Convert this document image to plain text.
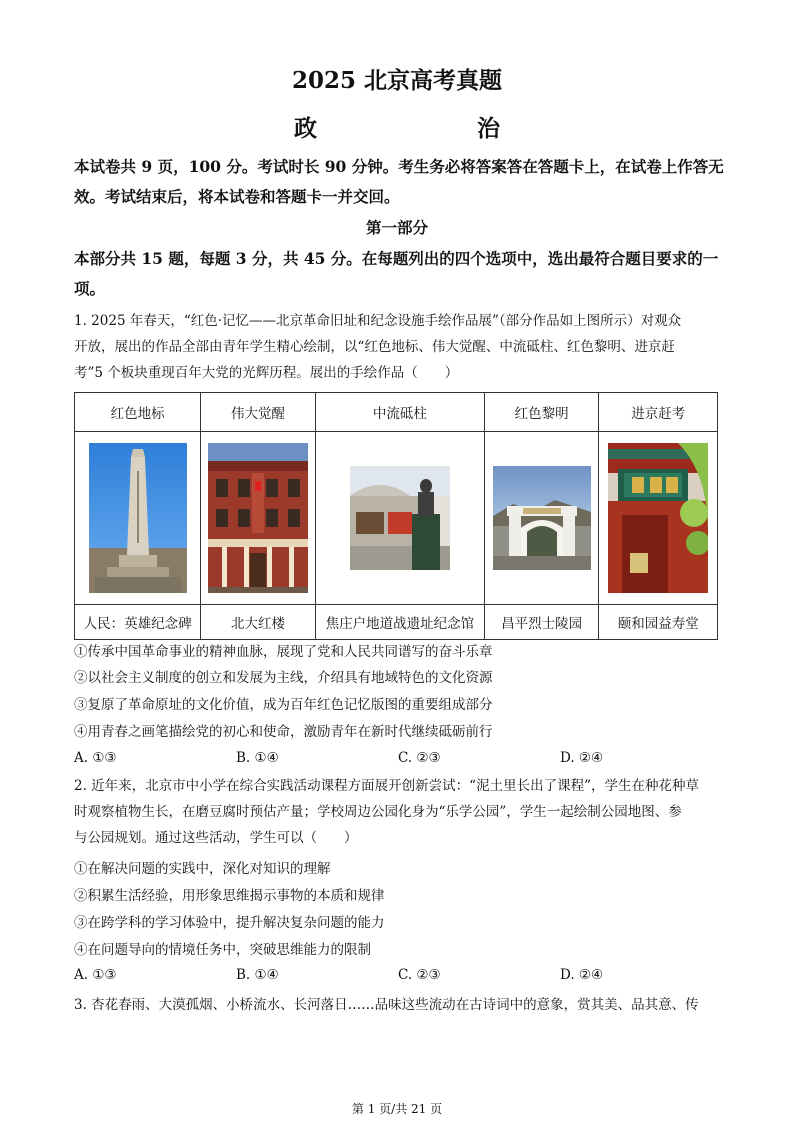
2025 北京高考真题
政　　治
本试卷共 9 页，100 分。考试时长 90 分钟。考生务必将答案答在答题卡上，在试卷上作答无
效。考试结束后，将本试卷和答题卡一并交回。
第一部分
本部分共 15 题，每题 3 分，共 45 分。在每题列出的四个选项中，选出最符合题目要求的一
项。
1. 2025 年春天，“红色·记忆——北京革命旧址和纪念设施手绘作品展”（部分作品如上图所示）对观众
开放，展出的作品全部由青年学生精心绘制，以“红色地标、伟大觉醒、中流砥柱、红色黎明、进京赶
考”5 个板块重现百年大党的光辉历程。展出的手绘作品（　　）
红色地标	伟大觉醒	中流砥柱	红色黎明	进京赶考

人民：英雄纪念碑	北大红楼	焦庄户地道战遗址纪念馆	昌平烈士陵园	颐和园益寿堂
①传承中国革命事业的精神血脉，展现了党和人民共同谱写的奋斗乐章
②以社会主义制度的创立和发展为主线，介绍具有地域特色的文化资源
③复原了革命原址的文化价值，成为百年红色记忆版图的重要组成部分
④用青春之画笔描绘党的初心和使命，激励青年在新时代继续砥砺前行
A. ①③	B. ①④	C. ②③	D. ②④
2. 近年来，北京市中小学在综合实践活动课程方面展开创新尝试：“泥土里长出了课程”，学生在种花种草
时观察植物生长，在磨豆腐时预估产量；学校周边公园化身为“乐学公园”，学生一起绘制公园地图、参
与公园规划。通过这些活动，学生可以（　　）
①在解决问题的实践中，深化对知识的理解
②积累生活经验，用形象思维揭示事物的本质和规律
③在跨学科的学习体验中，提升解决复杂问题的能力
④在问题导向的情境任务中，突破思维能力的限制
A. ①③	B. ①④	C. ②③	D. ②④
3. 杏花春雨、大漠孤烟、小桥流水、长河落日……品味这些流动在古诗词中的意象，赏其美、品其意、传
第 1 页/共 21 页
